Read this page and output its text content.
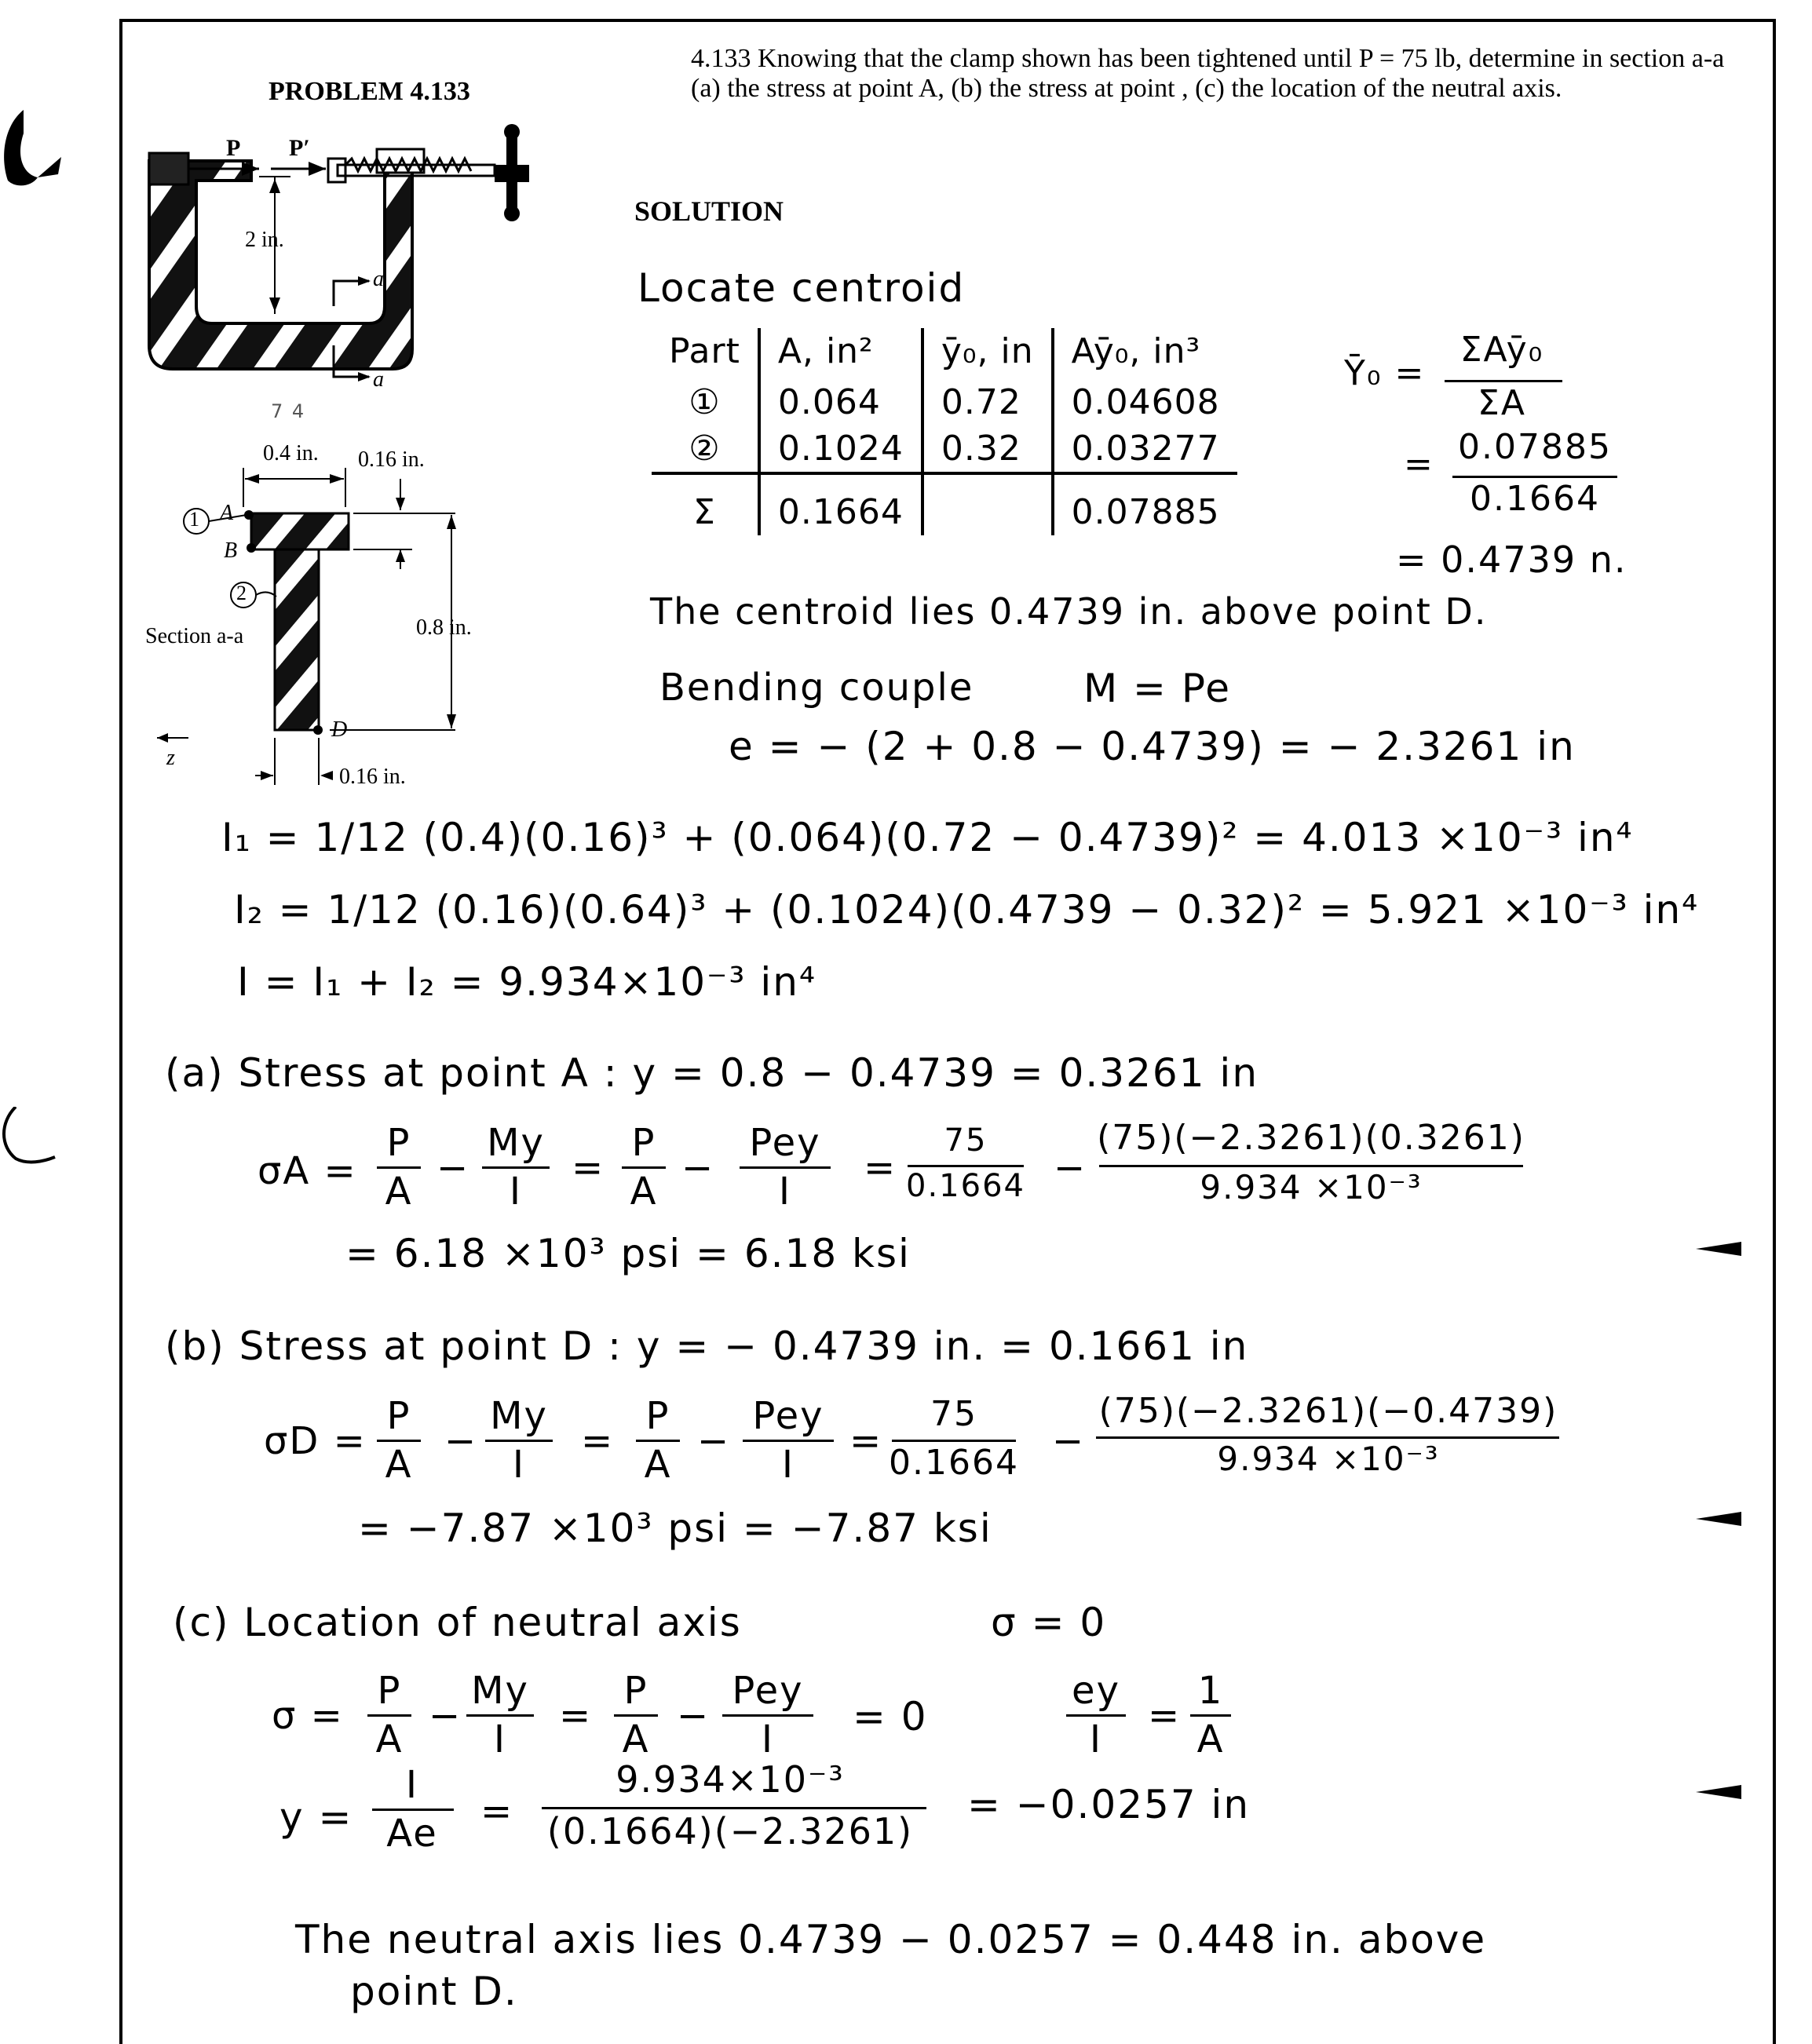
PROBLEM 4.133
4.133 Knowing that the clamp shown has been tightened until P = 75 lb, determine in section a-a (a) the stress at point A, (b) the stress at point , (c) the location of the neutral axis.
P P′
2 in.
a
a
7 4
0.4 in. 0.16 in.
1 A
B
2
Section a-a	0.8 in.
D
0.16 in.
z
SOLUTION
Locate centroid
Part	A, in²	ȳ₀, in	Aȳ₀, in³
①	0.064	0.72	0.04608
②	0.1024	0.32	0.03277
Σ	0.1664		0.07885
Ȳ₀ =
ΣAȳ₀
ΣA
= 0.07885
0.1664
= 0.4739 n.
The centroid lies 0.4739 in. above point D.
Bending couple	M = Pe
e = − (2 + 0.8 − 0.4739) = − 2.3261 in
I₁ = 1/12 (0.4)(0.16)³ + (0.064)(0.72 − 0.4739)² = 4.013 ×10⁻³ in⁴
I₂ = 1/12 (0.16)(0.64)³ + (0.1024)(0.4739 − 0.32)² = 5.921 ×10⁻³ in⁴
I = I₁ + I₂ = 9.934×10⁻³ in⁴
(a) Stress at point A : y = 0.8 − 0.4739 = 0.3261 in
σA =
P
A
−
My
I
=
P
A
−
Pey
I
=
75
0.1664 −
(75)(−2.3261)(0.3261)
9.934 ×10⁻³
= 6.18 ×10³ psi = 6.18 ksi
(b) Stress at point D : y = − 0.4739 in. = 0.1661 in
σD =
P
A
−
My
I
=
P
A
−
Pey
I
=
75
0.1664 −
(75)(−2.3261)(−0.4739)
9.934 ×10⁻³
= −7.87 ×10³ psi = −7.87 ksi
(c) Location of neutral axis	σ = 0
σ =
P
A
−
My
I
=
P
A
−
Pey
I	= 0
ey
I
=
1
A
y =
I
Ae	=
9.934×10⁻³
(0.1664)(−2.3261)
= −0.0257 in
The neutral axis lies 0.4739 − 0.0257 = 0.448 in. above
point D.
